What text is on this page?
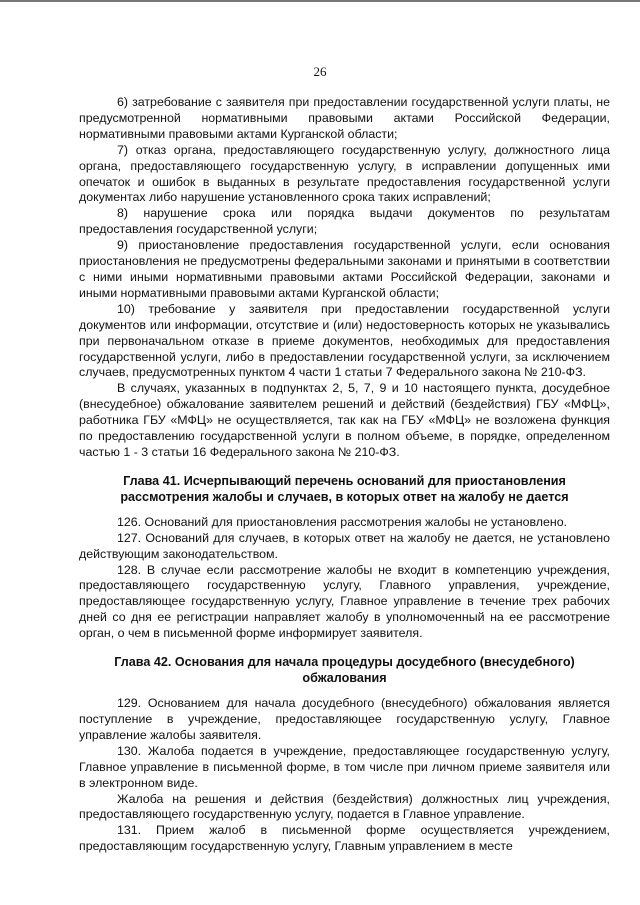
26

6) затребование с заявителя при предоставлении государственной услуги платы, не предусмотренной нормативными правовыми актами Российской Федерации, нормативными правовыми актами Курганской области;

7) отказ органа, предоставляющего государственную услугу, должностного лица органа, предоставляющего государственную услугу, в исправлении допущенных ими опечаток и ошибок в выданных в результате предоставления государственной услуги документах либо нарушение установленного срока таких исправлений;

8) нарушение срока или порядка выдачи документов по результатам предоставления государственной услуги;

9) приостановление предоставления государственной услуги, если основания приостановления не предусмотрены федеральными законами и принятыми в соответствии с ними иными нормативными правовыми актами Российской Федерации, законами и иными нормативными правовыми актами Курганской области;

10) требование у заявителя при предоставлении государственной услуги документов или информации, отсутствие и (или) недостоверность которых не указывались при первоначальном отказе в приеме документов, необходимых для предоставления государственной услуги, либо в предоставлении государственной услуги, за исключением случаев, предусмотренных пунктом 4 части 1 статьи 7 Федерального закона № 210-ФЗ.

В случаях, указанных в подпунктах 2, 5, 7, 9 и 10 настоящего пункта, досудебное (внесудебное) обжалование заявителем решений и действий (бездействия) ГБУ «МФЦ», работника ГБУ «МФЦ» не осуществляется, так как на ГБУ «МФЦ» не возложена функция по предоставлению государственной услуги в полном объеме, в порядке, определенном частью 1 - 3 статьи 16 Федерального закона № 210-ФЗ.

Глава 41. Исчерпывающий перечень оснований для приостановления рассмотрения жалобы и случаев, в которых ответ на жалобу не дается

126. Оснований для приостановления рассмотрения жалобы не установлено.

127. Оснований для случаев, в которых ответ на жалобу не дается, не установлено действующим законодательством.

128. В случае если рассмотрение жалобы не входит в компетенцию учреждения, предоставляющего государственную услугу, Главного управления, учреждение, предоставляющее государственную услугу, Главное управление в течение трех рабочих дней со дня ее регистрации направляет жалобу в уполномоченный на ее рассмотрение орган, о чем в письменной форме информирует заявителя.

Глава 42. Основания для начала процедуры досудебного (внесудебного) обжалования

129. Основанием для начала досудебного (внесудебного) обжалования является поступление в учреждение, предоставляющее государственную услугу, Главное управление жалобы заявителя.

130. Жалоба подается в учреждение, предоставляющее государственную услугу, Главное управление в письменной форме, в том числе при личном приеме заявителя или в электронном виде.

Жалоба на решения и действия (бездействия) должностных лиц учреждения, предоставляющего государственную услугу, подается в Главное управление.

131. Прием жалоб в письменной форме осуществляется учреждением, предоставляющим государственную услугу, Главным управлением в месте
